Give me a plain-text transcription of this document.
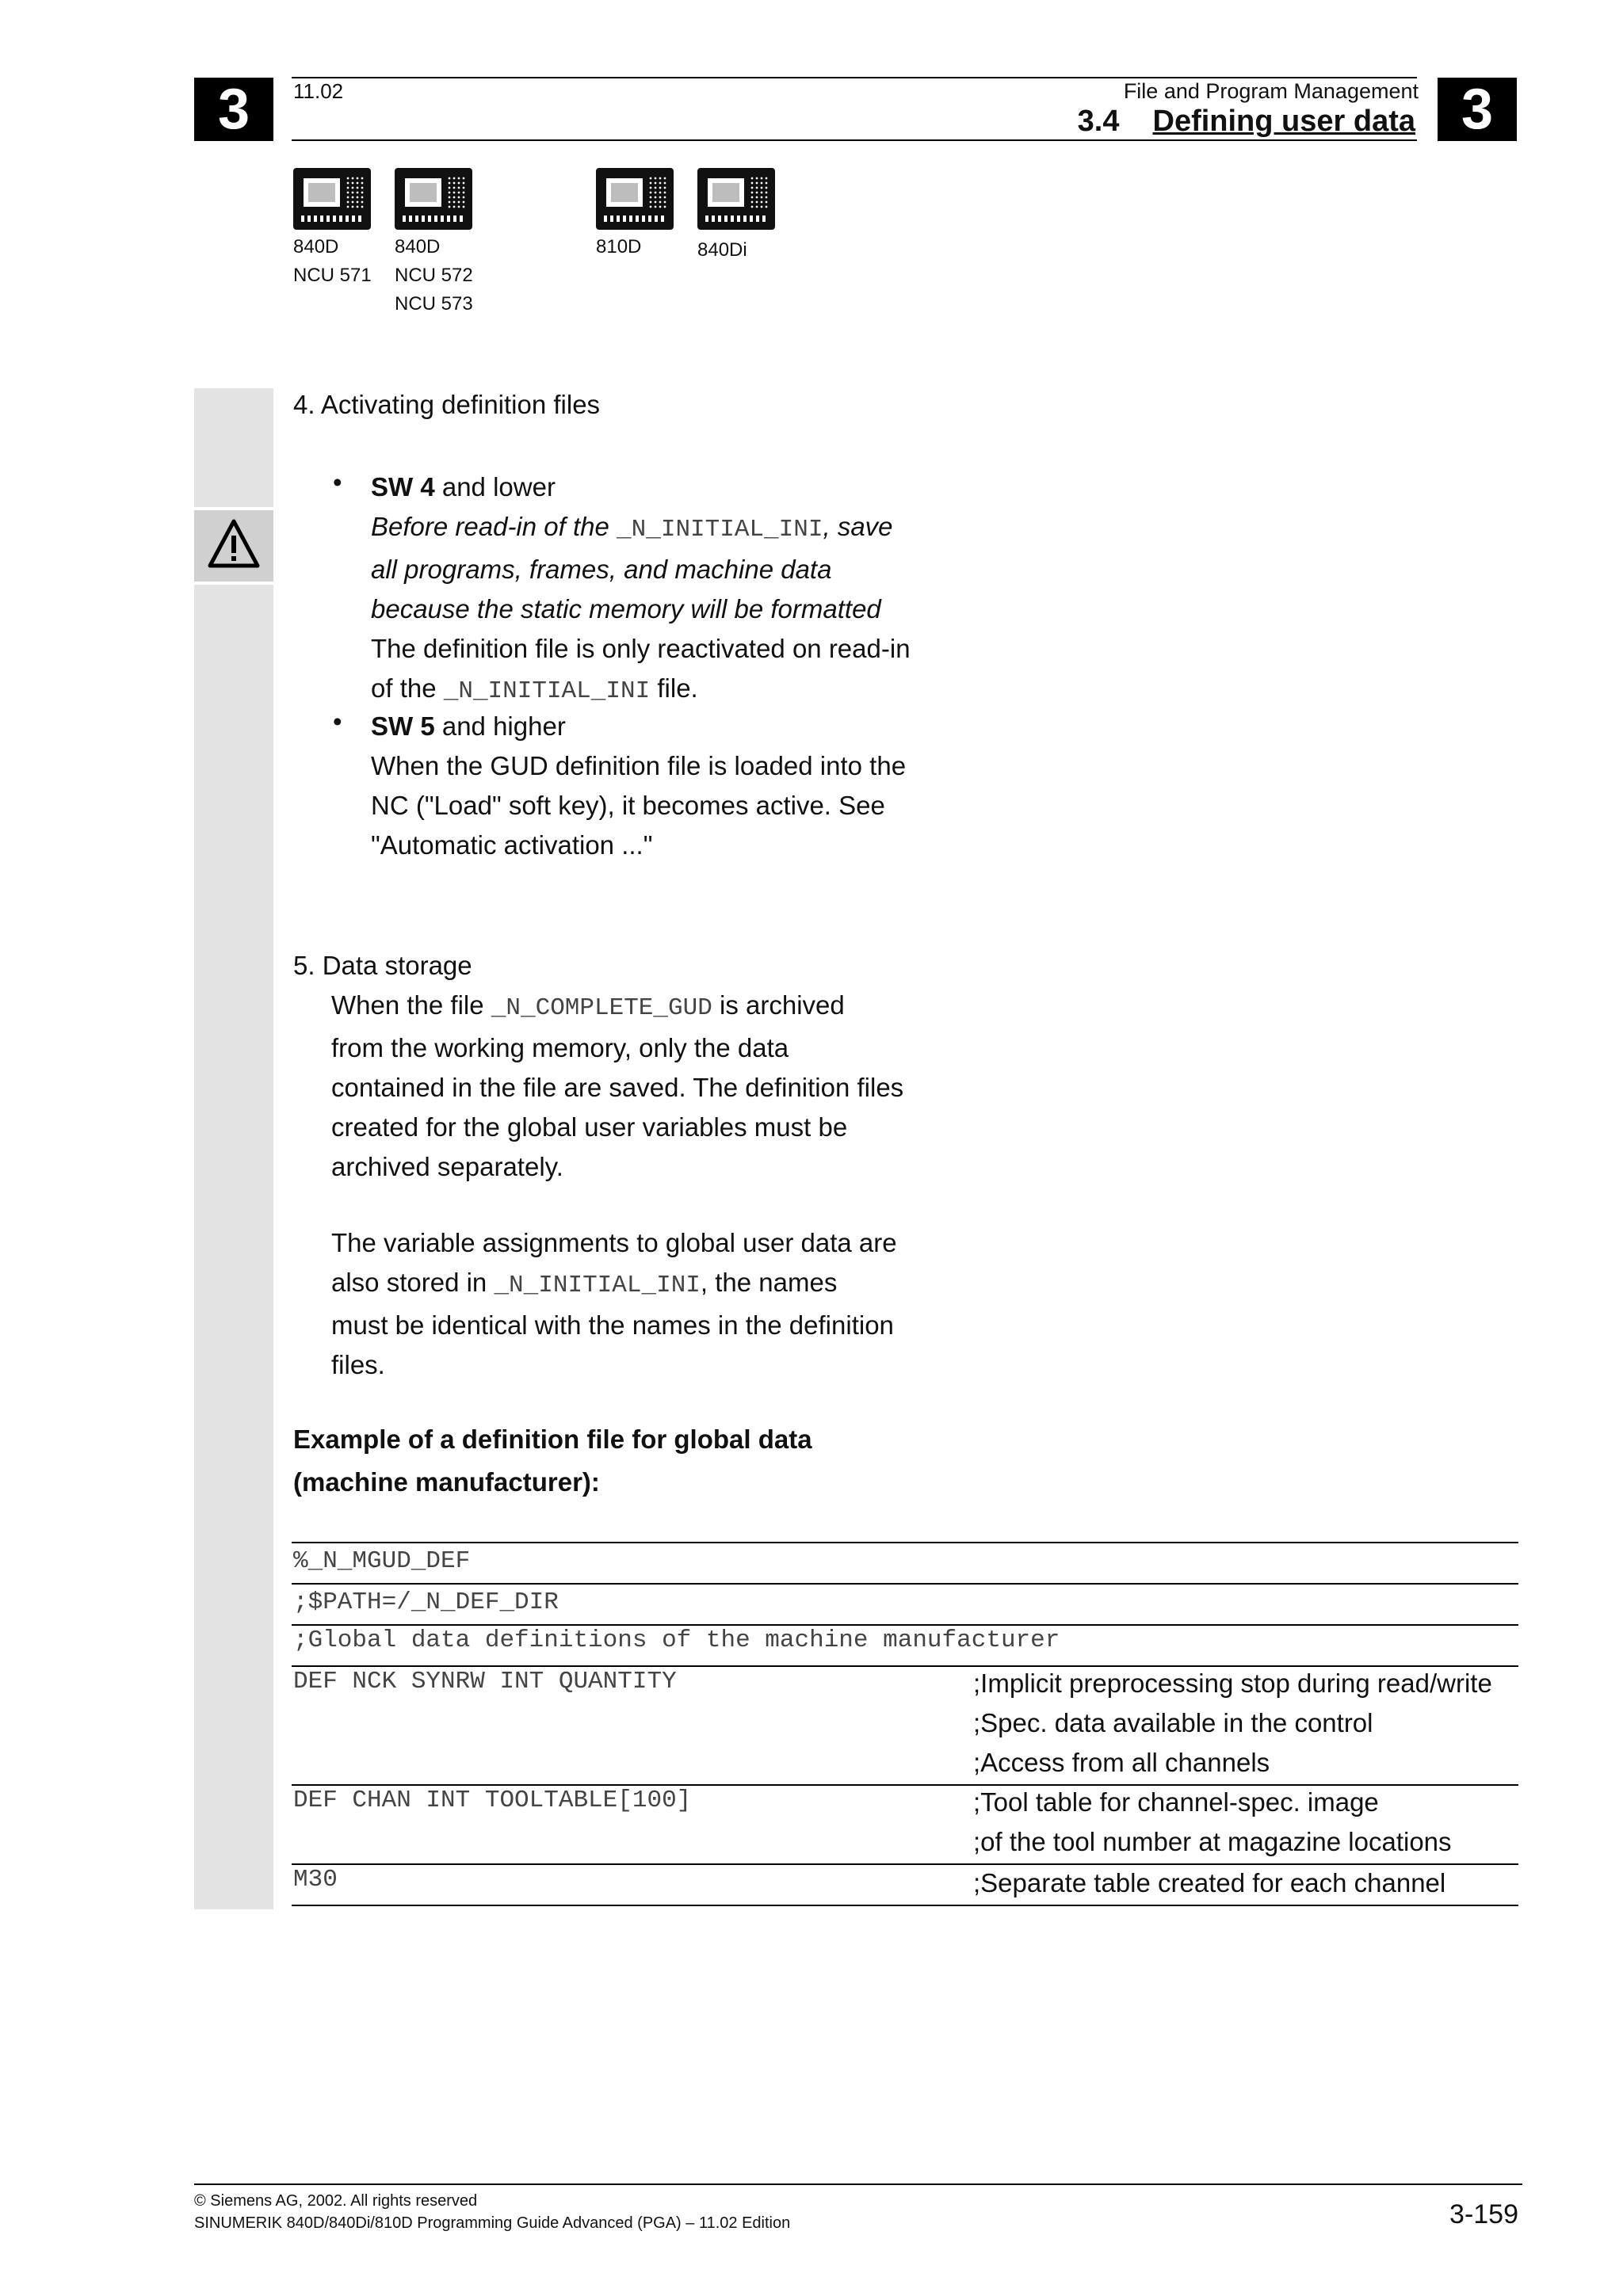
3	11.02	File and Program Management
3.4 Defining user data 3
840D
NCU 571
840D
NCU 572
NCU 573
810D	840Di
4. Activating definition files
• SW 4 and lower
Before read-in of the _N_INITIAL_INI, save
all programs, frames, and machine data
because the static memory will be formatted
The definition file is only reactivated on read-in
of the _N_INITIAL_INI file.
• SW 5 and higher
When the GUD definition file is loaded into the
NC ("Load" soft key), it becomes active. See
"Automatic activation ..."
5. Data storage
When the file _N_COMPLETE_GUD is archived
from the working memory, only the data
contained in the file are saved. The definition files
created for the global user variables must be
archived separately.
The variable assignments to global user data are
also stored in _N_INITIAL_INI, the names
must be identical with the names in the definition
files.
Example of a definition file for global data
(machine manufacturer):
%_N_MGUD_DEF
;$PATH=/_N_DEF_DIR
;Global data definitions of the machine manufacturer
DEF NCK SYNRW INT QUANTITY	;Implicit preprocessing stop during read/write
;Spec. data available in the control
;Access from all channels
DEF CHAN INT TOOLTABLE[100]	;Tool table for channel-spec. image
;of the tool number at magazine locations
M30	;Separate table created for each channel
© Siemens AG, 2002. All rights reserved
SINUMERIK 840D/840Di/810D Programming Guide Advanced (PGA) – 11.02 Edition	3-159
